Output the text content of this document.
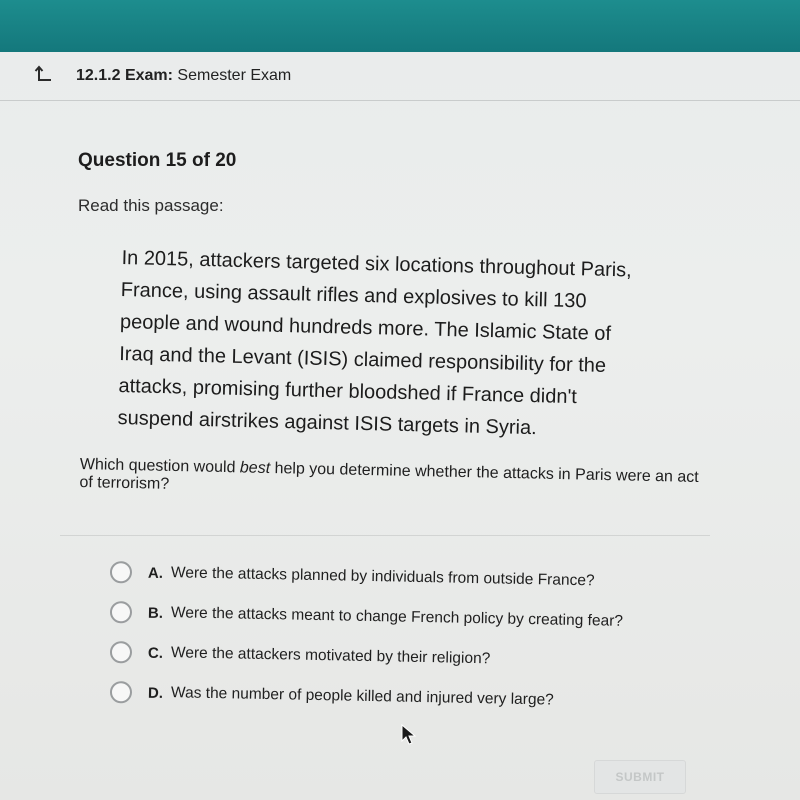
12.1.2 Exam: Semester Exam
Question 15 of 20
Read this passage:
In 2015, attackers targeted six locations throughout Paris,
France, using assault rifles and explosives to kill 130
people and wound hundreds more. The Islamic State of
Iraq and the Levant (ISIS) claimed responsibility for the
attacks, promising further bloodshed if France didn't
suspend airstrikes against ISIS targets in Syria.
Which question would best help you determine whether the attacks in Paris were an act of terrorism?
A. Were the attacks planned by individuals from outside France?
B. Were the attacks meant to change French policy by creating fear?
C. Were the attackers motivated by their religion?
D. Was the number of people killed and injured very large?
SUBMIT
